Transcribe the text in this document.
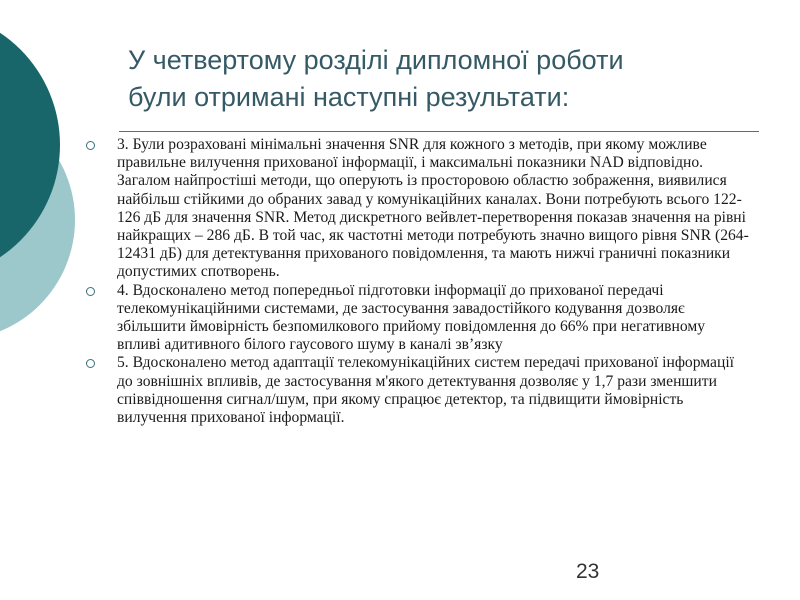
У четвертому розділі дипломної роботи
були отримані наступні результати:
3. Були розраховані мінімальні значення SNR для кожного з методів, при якому можливе правильне вилучення прихованої інформації, і максимальні показники NAD відповідно. Загалом найпростіші методи, що оперують із просторовою областю зображення, виявилися найбільш стійкими до обраних завад у комунікаційних каналах. Вони потребують всього 122-126 дБ для значення SNR. Метод дискретного вейвлет-перетворення показав значення на рівні найкращих – 286 дБ. В той час, як частотні методи потребують значно вищого рівня SNR (264- 12431 дБ) для детектування прихованого повідомлення, та мають нижчі граничні показники допустимих спотворень.
4. Вдосконалено метод попередньої підготовки інформації до прихованої передачі телекомунікаційними системами, де застосування завадостійкого кодування дозволяє збільшити ймовірність безпомилкового прийому повідомлення до 66% при негативному впливі адитивного білого гаусового шуму в каналі зв’язку
5. Вдосконалено метод адаптації телекомунікаційних систем передачі прихованої інформації до зовнішніх впливів, де застосування м'якого детектування дозволяє у 1,7 рази зменшити співвідношення сигнал/шум, при якому спрацює детектор, та підвищити ймовірність вилучення прихованої інформації.
23
